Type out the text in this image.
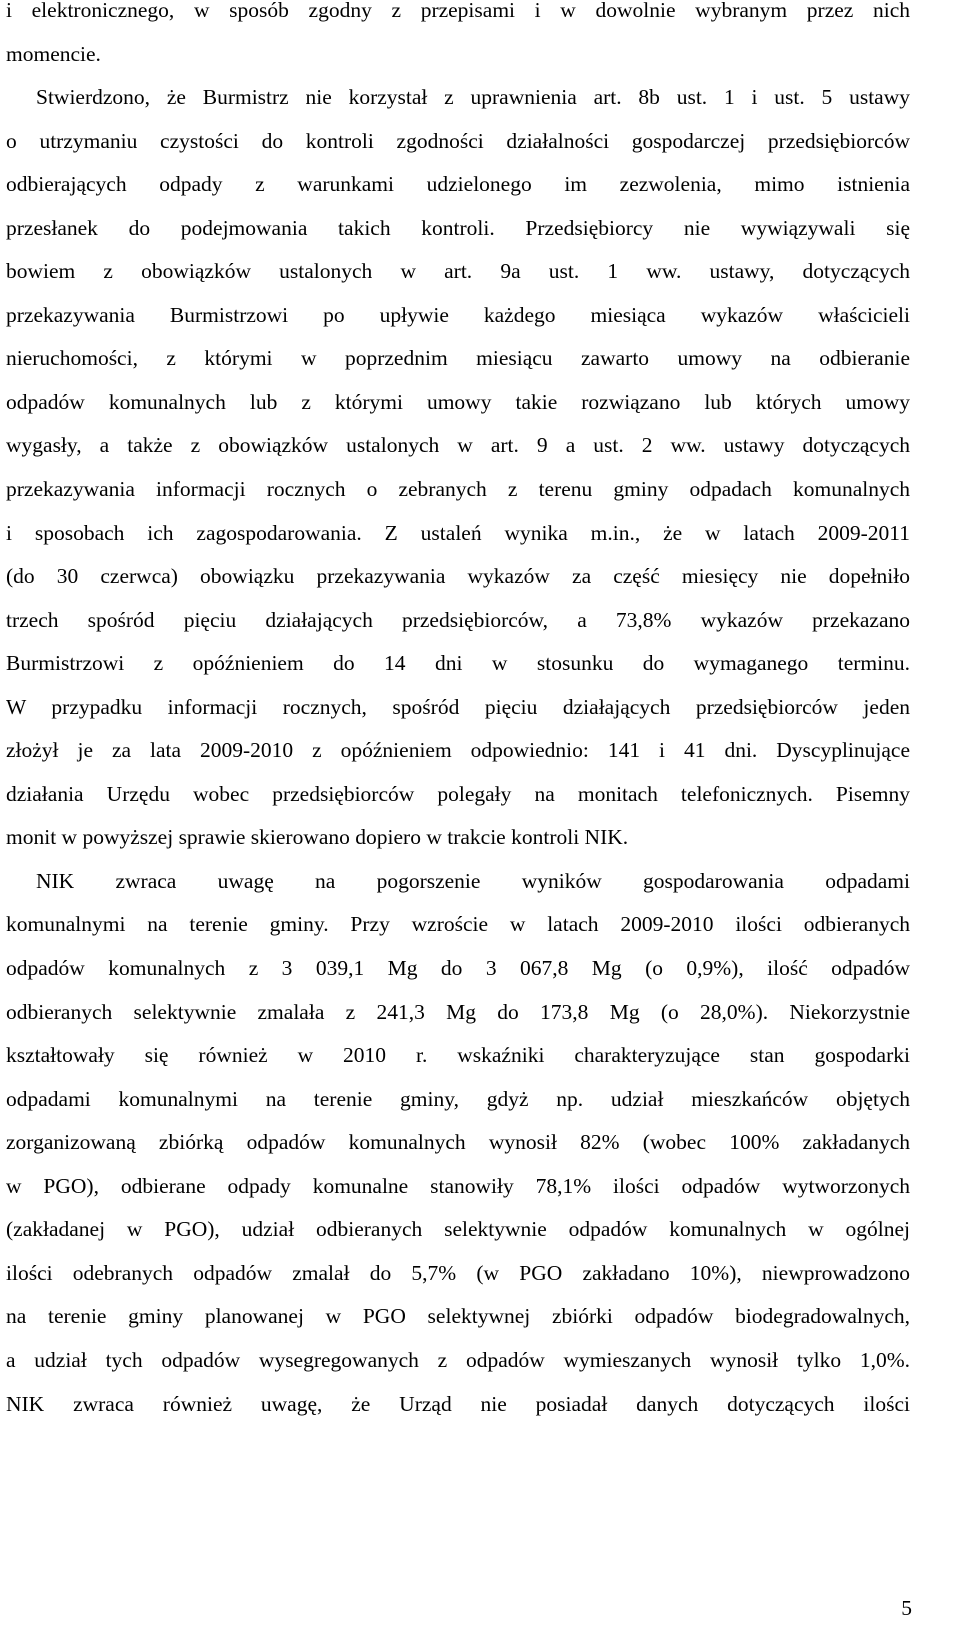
i elektronicznego, w sposób zgodny z przepisami i w dowolnie wybranym przez nich
momencie.

Stwierdzono, że Burmistrz nie korzystał z uprawnienia art. 8b ust. 1 i ust. 5 ustawy
o utrzymaniu czystości do kontroli zgodności działalności gospodarczej przedsiębiorców
odbierających odpady z warunkami udzielonego im zezwolenia, mimo istnienia
przesłanek do podejmowania takich kontroli. Przedsiębiorcy nie wywiązywali się
bowiem z obowiązków ustalonych w art. 9a ust. 1 ww. ustawy, dotyczących
przekazywania Burmistrzowi po upływie każdego miesiąca wykazów właścicieli
nieruchomości, z którymi w poprzednim miesiącu zawarto umowy na odbieranie
odpadów komunalnych lub z którymi umowy takie rozwiązano lub których umowy
wygasły, a także z obowiązków ustalonych w art. 9 a ust. 2 ww. ustawy dotyczących
przekazywania informacji rocznych o zebranych z terenu gminy odpadach komunalnych
i sposobach ich zagospodarowania. Z ustaleń wynika m.in., że w latach 2009-2011
(do 30 czerwca) obowiązku przekazywania wykazów za część miesięcy nie dopełniło
trzech spośród pięciu działających przedsiębiorców, a 73,8% wykazów przekazano
Burmistrzowi z opóźnieniem do 14 dni w stosunku do wymaganego terminu.
W przypadku informacji rocznych, spośród pięciu działających przedsiębiorców jeden
złożył je za lata 2009-2010 z opóźnieniem odpowiednio: 141 i 41 dni. Dyscyplinujące
działania Urzędu wobec przedsiębiorców polegały na monitach telefonicznych. Pisemny
monit w powyższej sprawie skierowano dopiero w trakcie kontroli NIK.

NIK zwraca uwagę na pogorszenie wyników gospodarowania odpadami
komunalnymi na terenie gminy. Przy wzroście w latach 2009-2010 ilości odbieranych
odpadów komunalnych z 3 039,1 Mg do 3 067,8 Mg (o 0,9%), ilość odpadów
odbieranych selektywnie zmalała z 241,3 Mg do 173,8 Mg (o 28,0%). Niekorzystnie
kształtowały się również w 2010 r. wskaźniki charakteryzujące stan gospodarki
odpadami komunalnymi na terenie gminy, gdyż np. udział mieszkańców objętych
zorganizowaną zbiórką odpadów komunalnych wynosił 82% (wobec 100% zakładanych
w PGO), odbierane odpady komunalne stanowiły 78,1% ilości odpadów wytworzonych
(zakładanej w PGO), udział odbieranych selektywnie odpadów komunalnych w ogólnej
ilości odebranych odpadów zmalał do 5,7% (w PGO zakładano 10%), niewprowadzono
na terenie gminy planowanej w PGO selektywnej zbiórki odpadów biodegradowalnych,
a udział tych odpadów wysegregowanych z odpadów wymieszanych wynosił tylko 1,0%.
NIK zwraca również uwagę, że Urząd nie posiadał danych dotyczących ilości

5
